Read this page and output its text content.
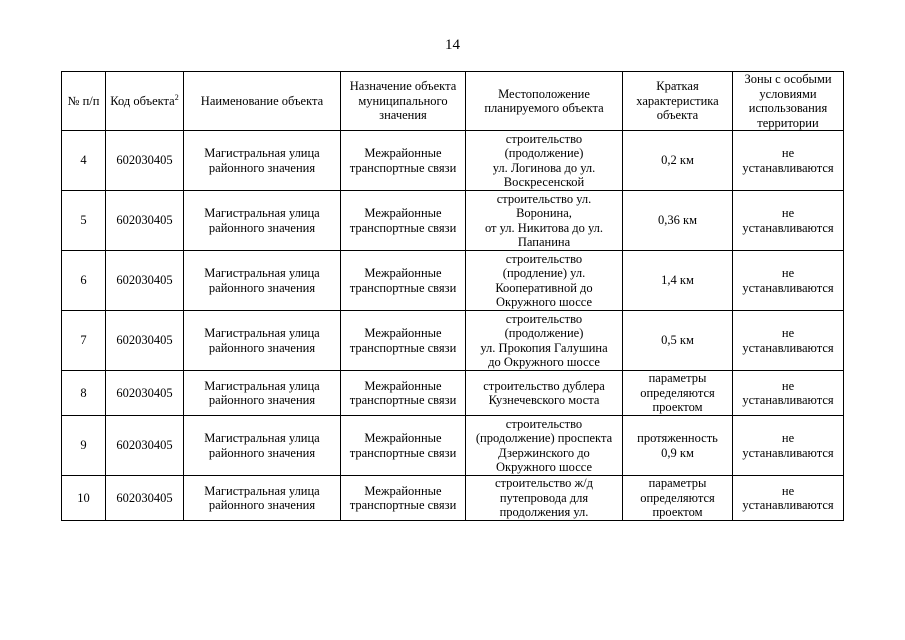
14
№ п/п	Код объекта$^2$	Наименование объекта	Назначение объекта
муниципального
значения	Местоположение
планируемого объекта	Краткая
характеристика
объекта	Зоны с особыми
условиями
использования
территории
4	602030405	Магистральная улица
районного значения	Межрайонные
транспортные связи	строительство
(продолжение)
ул. Логинова до ул.
Воскресенской	0,2 км	не
устанавливаются
5	602030405	Магистральная улица
районного значения	Межрайонные
транспортные связи	строительство ул.
Воронина,
от ул. Никитова до ул.
Папанина	0,36 км	не
устанавливаются
6	602030405	Магистральная улица
районного значения	Межрайонные
транспортные связи	строительство
(продление) ул.
Кооперативной до
Окружного шоссе	1,4 км	не
устанавливаются
7	602030405	Магистральная улица
районного значения	Межрайонные
транспортные связи	строительство
(продолжение)
ул. Прокопия Галушина
до Окружного шоссе	0,5 км	не
устанавливаются
8	602030405	Магистральная улица
районного значения	Межрайонные
транспортные связи	строительство дублера
Кузнечевского моста	параметры
определяются
проектом	не
устанавливаются
9	602030405	Магистральная улица
районного значения	Межрайонные
транспортные связи	строительство
(продолжение) проспекта
Дзержинского до
Окружного шоссе	протяженность
0,9 км	не
устанавливаются
10	602030405	Магистральная улица
районного значения	Межрайонные
транспортные связи	строительство ж/д
путепровода для
продолжения ул.	параметры
определяются
проектом	не
устанавливаются
